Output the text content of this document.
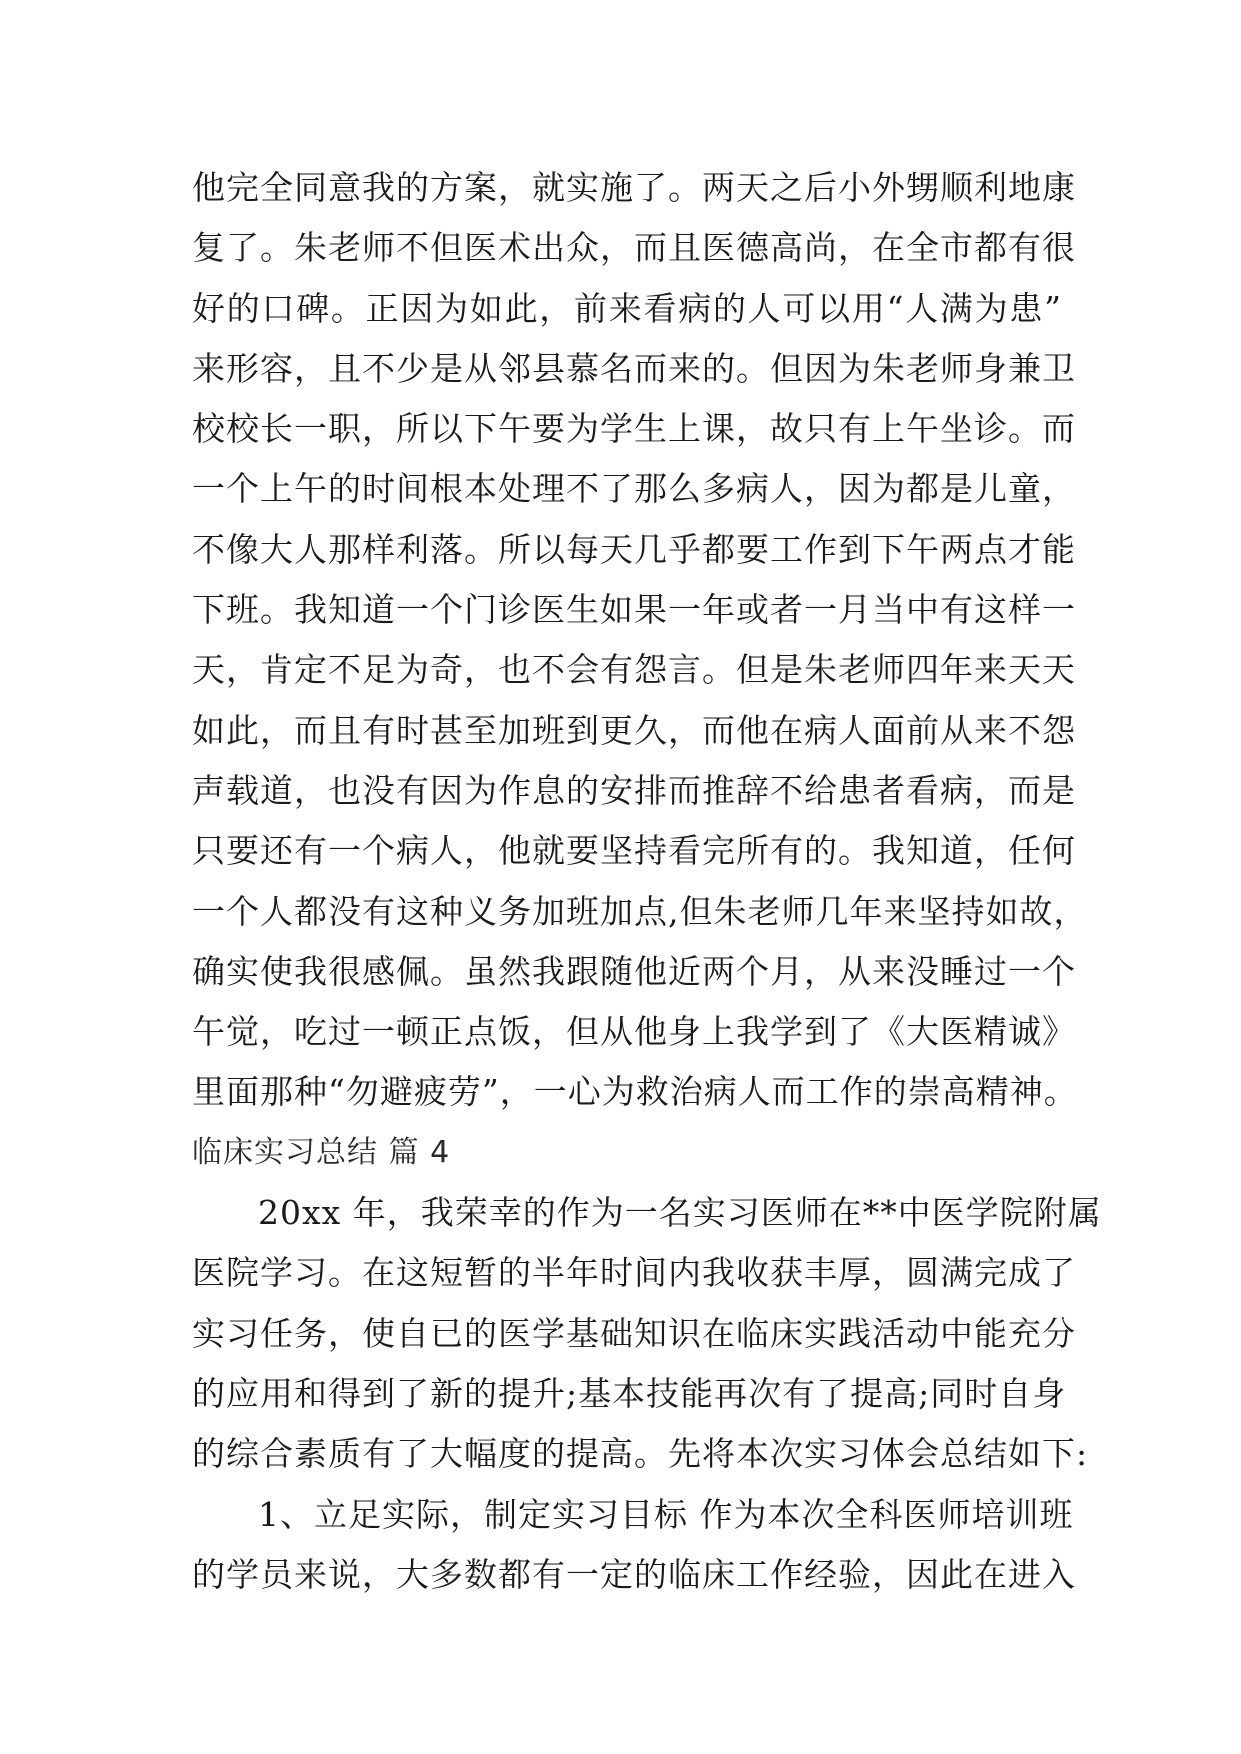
他完全同意我的方案，就实施了。两天之后小外甥顺利地康
复了。朱老师不但医术出众，而且医德高尚，在全市都有很
好的口碑。正因为如此，前来看病的人可以用“人满为患”
来形容，且不少是从邻县慕名而来的。但因为朱老师身兼卫
校校长一职，所以下午要为学生上课，故只有上午坐诊。而
一个上午的时间根本处理不了那么多病人，因为都是儿童，
不像大人那样利落。所以每天几乎都要工作到下午两点才能
下班。我知道一个门诊医生如果一年或者一月当中有这样一
天，肯定不足为奇，也不会有怨言。但是朱老师四年来天天
如此，而且有时甚至加班到更久，而他在病人面前从来不怨
声载道，也没有因为作息的安排而推辞不给患者看病，而是
只要还有一个病人，他就要坚持看完所有的。我知道，任何
一个人都没有这种义务加班加点,但朱老师几年来坚持如故，
确实使我很感佩。虽然我跟随他近两个月，从来没睡过一个
午觉，吃过一顿正点饭，但从他身上我学到了《大医精诚》
里面那种“勿避疲劳”，一心为救治病人而工作的崇高精神。
临床实习总结 篇 4
20xx 年，我荣幸的作为一名实习医师在**中医学院附属
医院学习。在这短暂的半年时间内我收获丰厚，圆满完成了
实习任务，使自已的医学基础知识在临床实践活动中能充分
的应用和得到了新的提升;基本技能再次有了提高;同时自身
的综合素质有了大幅度的提高。先将本次实习体会总结如下:
1、立足实际，制定实习目标 作为本次全科医师培训班
的学员来说，大多数都有一定的临床工作经验，因此在进入
